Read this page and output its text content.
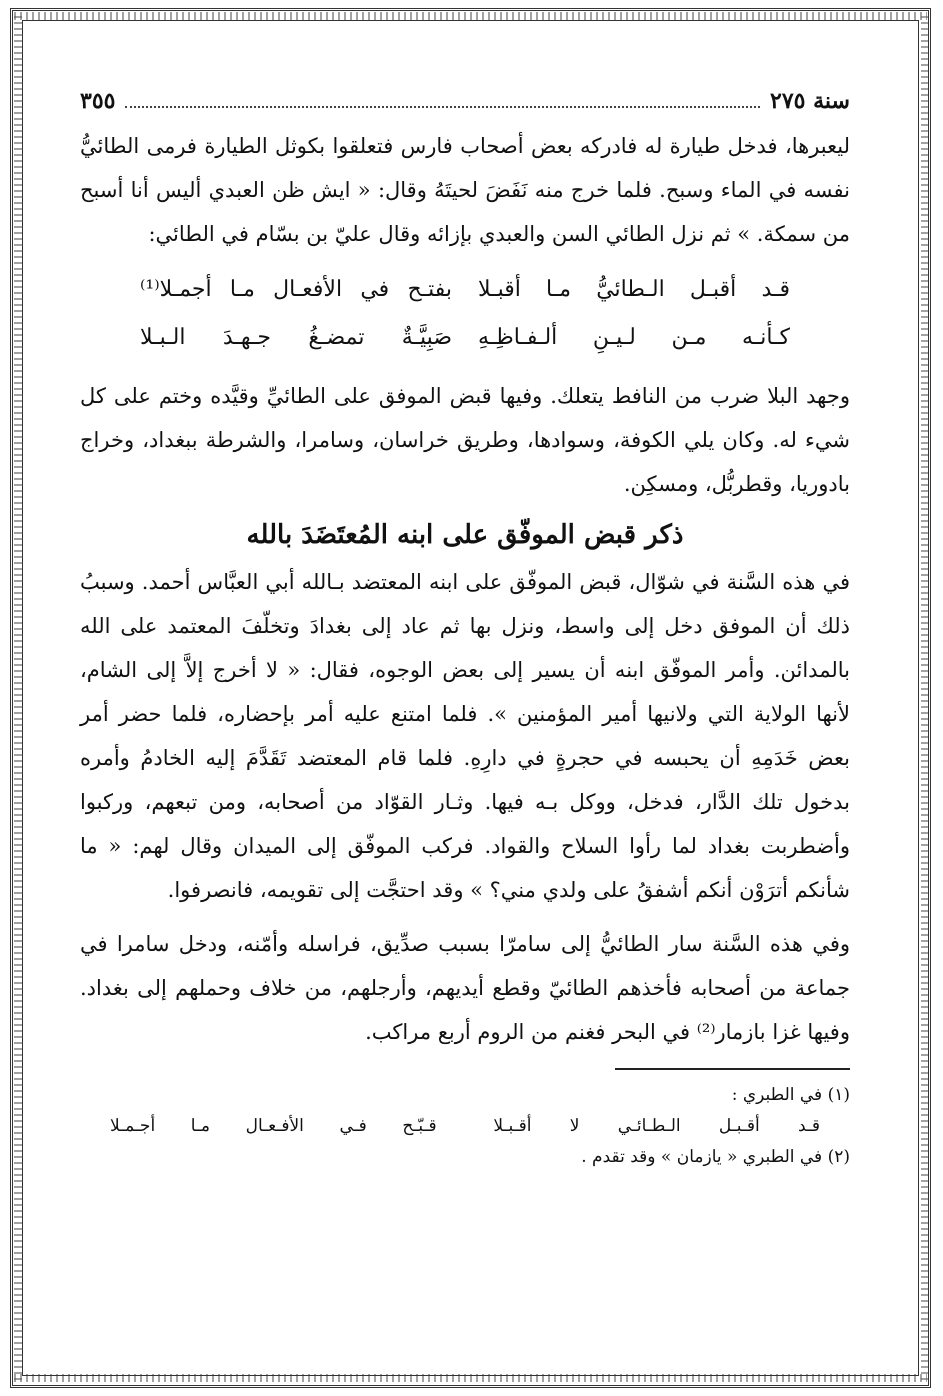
سنة ٢٧٥
٣٥٥

ليعبرها، فدخل طيارة له فادركه بعض أصحاب فارس فتعلقوا بكوثل الطيارة فرمى الطائيُّ نفسه في الماء وسبح. فلما خرج منه نَفَضَ لحيتَهُ وقال: « ايش ظن العبدي أليس أنا أسبح من سمكة. » ثم نزل الطائي السن والعبدي بإزائه وقال عليّ بن بسّام في الطائي:

قـد أقبـل الـطائيُّ مـا أقبـلا
بفتـح في الأفعـال مـا أجمـلا⁽¹⁾
كـأنـه مـن لـيـنِ ألـفـاظِـهِ
صَبِيَّـةٌ تمضـغُ جـهـدَ الـبـلا

وجهد البلا ضرب من النافط يتعلك. وفيها قبض الموفق على الطائيِّ وقيَّده وختم على كل شيء له. وكان يلي الكوفة، وسوادها، وطريق خراسان، وسامرا، والشرطة ببغداد، وخراج بادوريا، وقطربُّل، ومسكِن.

ذكر قبض الموفّق على ابنه المُعتَضَدَ بالله

في هذه السَّنة في شوّال، قبض الموفّق على ابنه المعتضد بـالله أبي العبَّاس أحمد. وسببُ ذلك أن الموفق دخل إلى واسط، ونزل بها ثم عاد إلى بغدادَ وتخلّفَ المعتمد على الله بالمدائن. وأمر الموفّق ابنه أن يسير إلى بعض الوجوه، فقال: « لا أخرج إلاَّ إلى الشام، لأنها الولاية التي ولانيها أمير المؤمنين ». فلما امتنع عليه أمر بإحضاره، فلما حضر أمر بعض خَدَمِهِ أن يحبسه في حجرةٍ في دارِهِ. فلما قام المعتضد تَقَدَّمَ إليه الخادمُ وأمره بدخول تلك الدَّار، فدخل، ووكل بـه فيها. وثـار القوّاد من أصحابه، ومن تبعهم، وركبوا وأضطربت بغداد لما رأوا السلاح والقواد. فركب الموفّق إلى الميدان وقال لهم: « ما شأنكم أترَوْن أنكم أشفقُ على ولدي مني؟ » وقد احتجَّت إلى تقويمه، فانصرفوا.

وفي هذه السَّنة سار الطائيُّ إلى سامرّا بسبب صدِّيق، فراسله وأمّنه، ودخل سامرا في جماعة من أصحابه فأخذهم الطائيّ وقطع أيديهم، وأرجلهم، من خلاف وحملهم إلى بغداد. وفيها غزا بازمار⁽²⁾ في البحر فغنم من الروم أربع مراكب.

(١) في الطبري :

قـد أقـبـل الـطـائـي لا أقـبـلا
قـبّـح فـي الأفـعـال مـا أجـمـلا

(٢) في الطبري « يازمان » وقد تقدم .
